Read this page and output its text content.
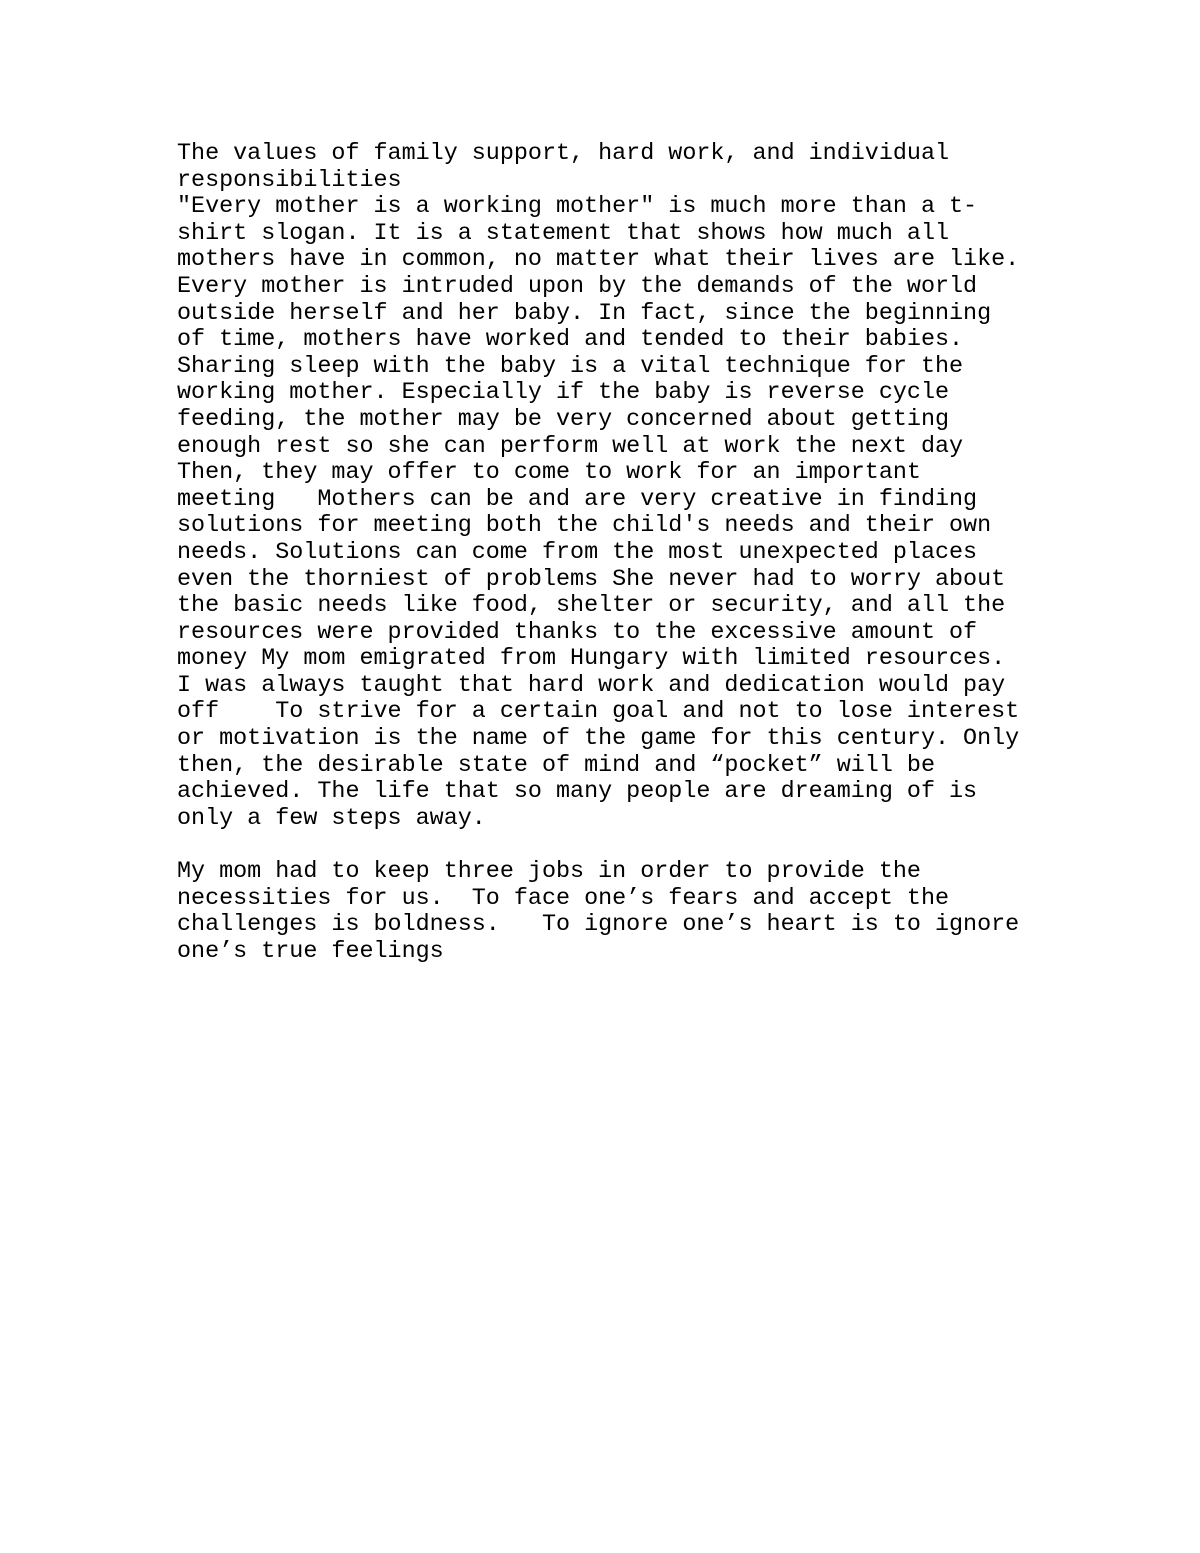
The values of family support, hard work, and individual
responsibilities
"Every mother is a working mother" is much more than a t-
shirt slogan. It is a statement that shows how much all
mothers have in common, no matter what their lives are like.
Every mother is intruded upon by the demands of the world
outside herself and her baby. In fact, since the beginning
of time, mothers have worked and tended to their babies.
Sharing sleep with the baby is a vital technique for the
working mother. Especially if the baby is reverse cycle
feeding, the mother may be very concerned about getting
enough rest so she can perform well at work the next day
Then, they may offer to come to work for an important
meeting   Mothers can be and are very creative in finding
solutions for meeting both the child's needs and their own
needs. Solutions can come from the most unexpected places
even the thorniest of problems She never had to worry about
the basic needs like food, shelter or security, and all the
resources were provided thanks to the excessive amount of
money My mom emigrated from Hungary with limited resources.
I was always taught that hard work and dedication would pay
off    To strive for a certain goal and not to lose interest
or motivation is the name of the game for this century. Only
then, the desirable state of mind and “pocket” will be
achieved. The life that so many people are dreaming of is
only a few steps away.
My mom had to keep three jobs in order to provide the
necessities for us.  To face one’s fears and accept the
challenges is boldness.   To ignore one’s heart is to ignore
one’s true feelings
